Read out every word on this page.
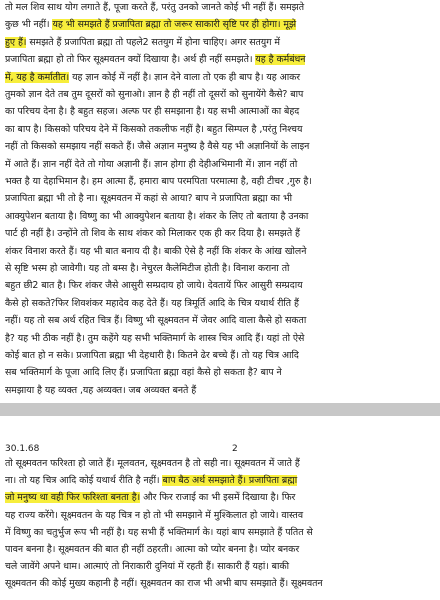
तो मल शिव साथ योग लगाते हैं, पूजा करते हैं, परंतु उनको जानते कोई भी नहीं हैं। समझते
कुछ भी नहीं। यह भी समझते हैं प्रजापिता ब्रह्मा तो जरूर साकारी सृष्टि पर ही होगा। मूझे
हुए हैं। समझते हैं प्रजापिता ब्रह्मा तो पहले2 सतयुग में होना चाहिए। अगर सतयुग में
प्रजापिता ब्रह्मा हो तो फिर सूक्ष्मवतन क्यों दिखाया है। अर्थ ही नहीं समझते। यह है कर्मबंधन
में, यह है कर्मातीत। यह ज्ञान कोई में नहीं है। ज्ञान देने वाला तो एक ही बाप है। यह आकर
तुमको ज्ञान देते तब तुम दूसरों को सुनाओ। ज्ञान है ही नहीं तो दूसरों को सुनायेंगे कैसे? बाप
का परिचय देना है। है बहुत सहज। अल्फ पर ही समझाना है। यह सभी आत्माओं का बेहद
का बाप है। किसको परिचय देने में किसको तकलीफ नहीं है। बहुत सिम्पल है ,परंतु निश्चय
नहीं तो किसको समझाय नहीं सकते हैं। जैसे अज्ञान मनुष्य है वैसे यह भी अज्ञानियों के लाइन
में आते हैं। ज्ञान नहीं देते तो गोया अज्ञानी हैं। ज्ञान होगा ही देहीअभिमानी में। ज्ञान नहीं तो
भक्त है या देहाभिमान है। हम आत्मा हैं, हमारा बाप परमपिता परमात्मा है, वही टीचर ,गुरु है।
प्रजापिता ब्रह्मा भी तो है ना। सूक्ष्मवतन में कहां से आया? बाप ने प्रजापिता ब्रह्मा का भी
आक्युपेशन बताया है। विष्णु का भी आक्युपेशन बताया है। शंकर के लिए तो बताया है उनका
पार्ट ही नहीं है। उन्होंने तो शिव के साथ शंकर को मिलाकर एक ही कर दिया है। समझते हैं
शंकर विनाश करते हैं। यह भी बात बनाय दी है। बाकी ऐसे है नहीं कि शंकर के आंख खोलने
से सृष्टि भस्म हो जावेगी। यह तो बम्स है। नेचुरल कैलेमिटीज होती है। विनाश कराना तो
बहुत छी2 बात है। फिर शंकर जैसे आसुरी सम्प्रदाय हो जाये। देवतायें फिर आसुरी सम्प्रदाय
कैसे हो सकते?फिर शिवशंकर महादेव कह देते हैं। यह त्रिमूर्ति आदि के चित्र यथार्थ रीति हैं
नहीं। यह तो सब अर्थ रहित चित्र हैं। विष्णु भी सूक्ष्मवतन में जेवर आदि वाला कैसे हो सकता
है? यह भी ठीक नहीं है। तुम कहेंगे यह सभी भक्तिमार्ग के शास्त्र चित्र आदि हैं। यहां तो ऐसे
कोई बात हो न सके। प्रजापिता ब्रह्मा भी देहधारी है। कितने ढेर बच्चे हैं। तो यह चित्र आदि
सब भक्तिमार्ग के पूजा आदि लिए हैं। प्रजापिता ब्रह्मा वहां कैसे हो सकता है? बाप ने
समझाया है यह व्यक्त ,यह अव्यक्त। जब अव्यक्त बनते हैं
30.1.68	2
तो सूक्ष्मवतन फरिश्ता हो जाते हैं। मूलवतन, सूक्ष्मवतन है तो सही ना। सूक्ष्मवतन में जाते हैं
ना। तो यह चित्र आदि कोई यथार्थ रीति है नहीं। बाप बैठ अर्थ समझाते हैं। प्रजापिता ब्रह्मा
जो मनुष्य था वही फिर फरिश्ता बनता है। और फिर राजाई का भी इसमें दिखाया है। फिर
यह राज्य करेंगे। सूक्ष्मवतन के यह चित्र न हो तो भी समझाने में मुश्किलात हो जाये। वास्तव
में विष्णु का चतुर्भुज रूप भी नहीं है। यह सभी हैं भक्तिमार्ग के। यहां बाप समझाते हैं पतित से
पावन बनना है। सूक्ष्मवतन की बात ही नहीं ठहरती। आत्मा को प्योर बनना है। प्योर बनकर
चले जावेंगे अपने धाम। आत्माएं तो निराकारी दुनियां में रहती हैं। साकारी हैं यहां। बाकी
सूक्ष्मवतन की कोई मुख्य कहानी है नहीं। सूक्ष्मवतन का राज भी अभी बाप समझाते हैं। सूक्ष्मवतन
